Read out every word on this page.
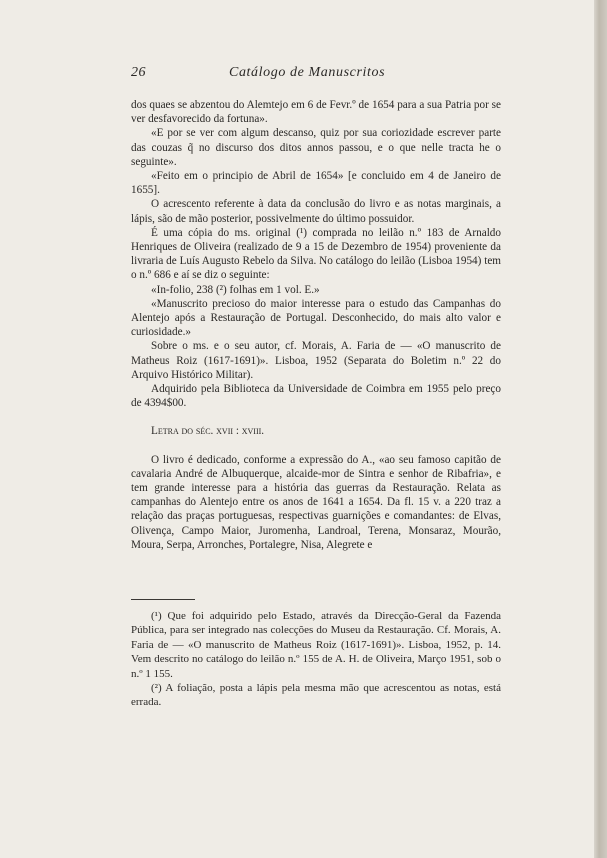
26	Catálogo de Manuscritos

dos quaes se abzentou do Alemtejo em 6 de Fevr.º de 1654 para a sua Patria por se ver desfavorecido da fortuna».

«E por se ver com algum descanso, quiz por sua coriozidade escrever parte das couzas q̃ no discurso dos ditos annos passou, e o que nelle tracta he o seguinte».

«Feito em o principio de Abril de 1654» [e concluido em 4 de Janeiro de 1655].

O acrescento referente à data da conclusão do livro e as notas marginais, a lápis, são de mão posterior, possivelmente do último possuidor.

É uma cópia do ms. original (¹) comprada no leilão n.º 183 de Arnaldo Henriques de Oliveira (realizado de 9 a 15 de Dezembro de 1954) proveniente da livraria de Luís Augusto Rebelo da Silva. No catálogo do leilão (Lisboa 1954) tem o n.º 686 e aí se diz o seguinte:

«In-folio, 238 (²) folhas em 1 vol. E.»

«Manuscrito precioso do maior interesse para o estudo das Campanhas do Alentejo após a Restauração de Portugal. Desconhecido, do mais alto valor e curiosidade.»

Sobre o ms. e o seu autor, cf. Morais, A. Faria de — «O manuscrito de Matheus Roiz (1617-1691)». Lisboa, 1952 (Separata do Boletim n.º 22 do Arquivo Histórico Militar).

Adquirido pela Biblioteca da Universidade de Coimbra em 1955 pelo preço de 4394$00.

Letra do séc. xvii : xviii.

O livro é dedicado, conforme a expressão do A., «ao seu famoso capitão de cavalaria André de Albuquerque, alcaide-mor de Sintra e senhor de Ribafria», e tem grande interesse para a história das guerras da Restauração. Relata as campanhas do Alentejo entre os anos de 1641 a 1654. Da fl. 15 v. a 220 traz a relação das praças portuguesas, respectivas guarnições e comandantes: de Elvas, Olivença, Campo Maior, Juromenha, Landroal, Terena, Monsaraz, Mourão, Moura, Serpa, Arronches, Portalegre, Nisa, Alegrete e

(¹) Que foi adquirido pelo Estado, através da Direcção-Geral da Fazenda Pública, para ser integrado nas colecções do Museu da Restauração. Cf. Morais, A. Faria de — «O manuscrito de Matheus Roiz (1617-1691)». Lisboa, 1952, p. 14. Vem descrito no catálogo do leilão n.º 155 de A. H. de Oliveira, Março 1951, sob o n.º 1 155.

(²) A foliação, posta a lápis pela mesma mão que acrescentou as notas, está errada.
